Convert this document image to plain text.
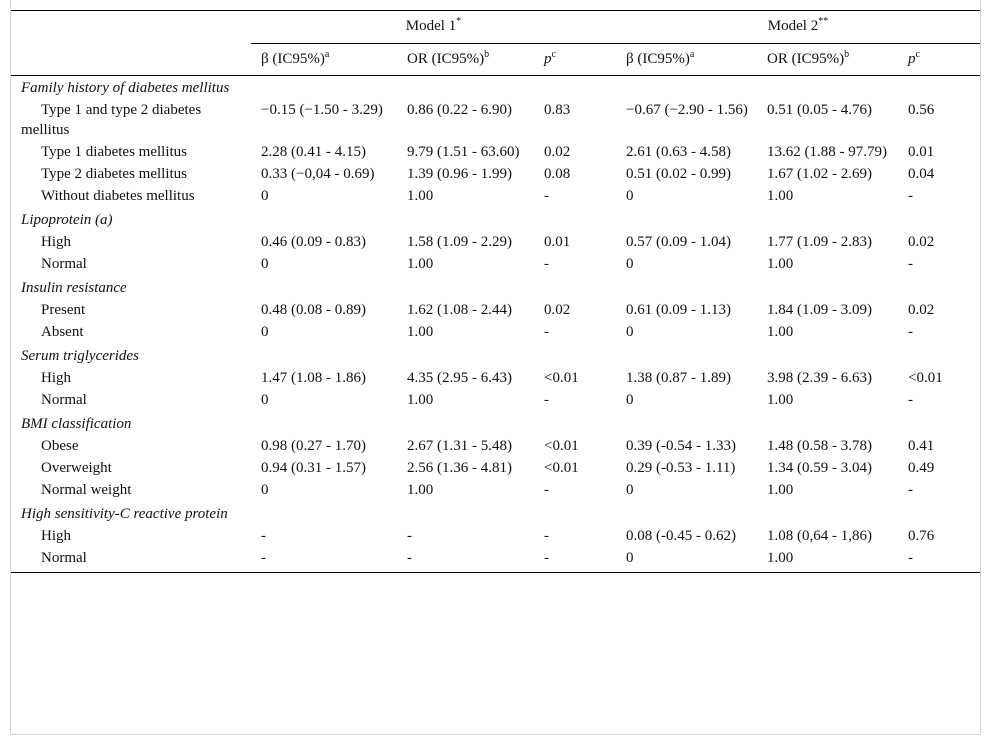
	Model 1*			Model 2**
	β $(IC95\%)^a$	OR $(IC95\%)^b$	$p^c$	β $(IC95\%)^a$	OR $(IC95\%)^b$	$p^c$
Family history of diabetes mellitus						
Type 1 and type 2 diabetes mellitus	−0.15 (−1.50 - 3.29)	0.86 (0.22 - 6.90)	0.83	−0.67 (−2.90 - 1.56)	0.51 (0.05 - 4.76)	0.56
Type 1 diabetes mellitus	2.28 (0.41 - 4.15)	9.79 (1.51 - 63.60)	0.02	2.61 (0.63 - 4.58)	13.62 (1.88 - 97.79)	0.01
Type 2 diabetes mellitus	0.33 (−0,04 - 0.69)	1.39 (0.96 - 1.99)	0.08	0.51 (0.02 - 0.99)	1.67 (1.02 - 2.69)	0.04
Without diabetes mellitus	0	1.00	-	0	1.00	-
Lipoprotein (a)						
High	0.46 (0.09 - 0.83)	1.58 (1.09 - 2.29)	0.01	0.57 (0.09 - 1.04)	1.77 (1.09 - 2.83)	0.02
Normal	0	1.00	-	0	1.00	-
Insulin resistance						
Present	0.48 (0.08 - 0.89)	1.62 (1.08 - 2.44)	0.02	0.61 (0.09 - 1.13)	1.84 (1.09 - 3.09)	0.02
Absent	0	1.00	-	0	1.00	-
Serum triglycerides						
High	1.47 (1.08 - 1.86)	4.35 (2.95 - 6.43)	<0.01	1.38 (0.87 - 1.89)	3.98 (2.39 - 6.63)	<0.01
Normal	0	1.00	-	0	1.00	-
BMI classification						
Obese	0.98 (0.27 - 1.70)	2.67 (1.31 - 5.48)	<0.01	0.39 (-0.54 - 1.33)	1.48 (0.58 - 3.78)	0.41
Overweight	0.94 (0.31 - 1.57)	2.56 (1.36 - 4.81)	<0.01	0.29 (-0.53 - 1.11)	1.34 (0.59 - 3.04)	0.49
Normal weight	0	1.00	-	0	1.00	-
High sensitivity-C reactive protein						
High	-	-	-	0.08 (-0.45 - 0.62)	1.08 (0,64 - 1,86)	0.76
Normal	-	-	-	0	1.00	-
